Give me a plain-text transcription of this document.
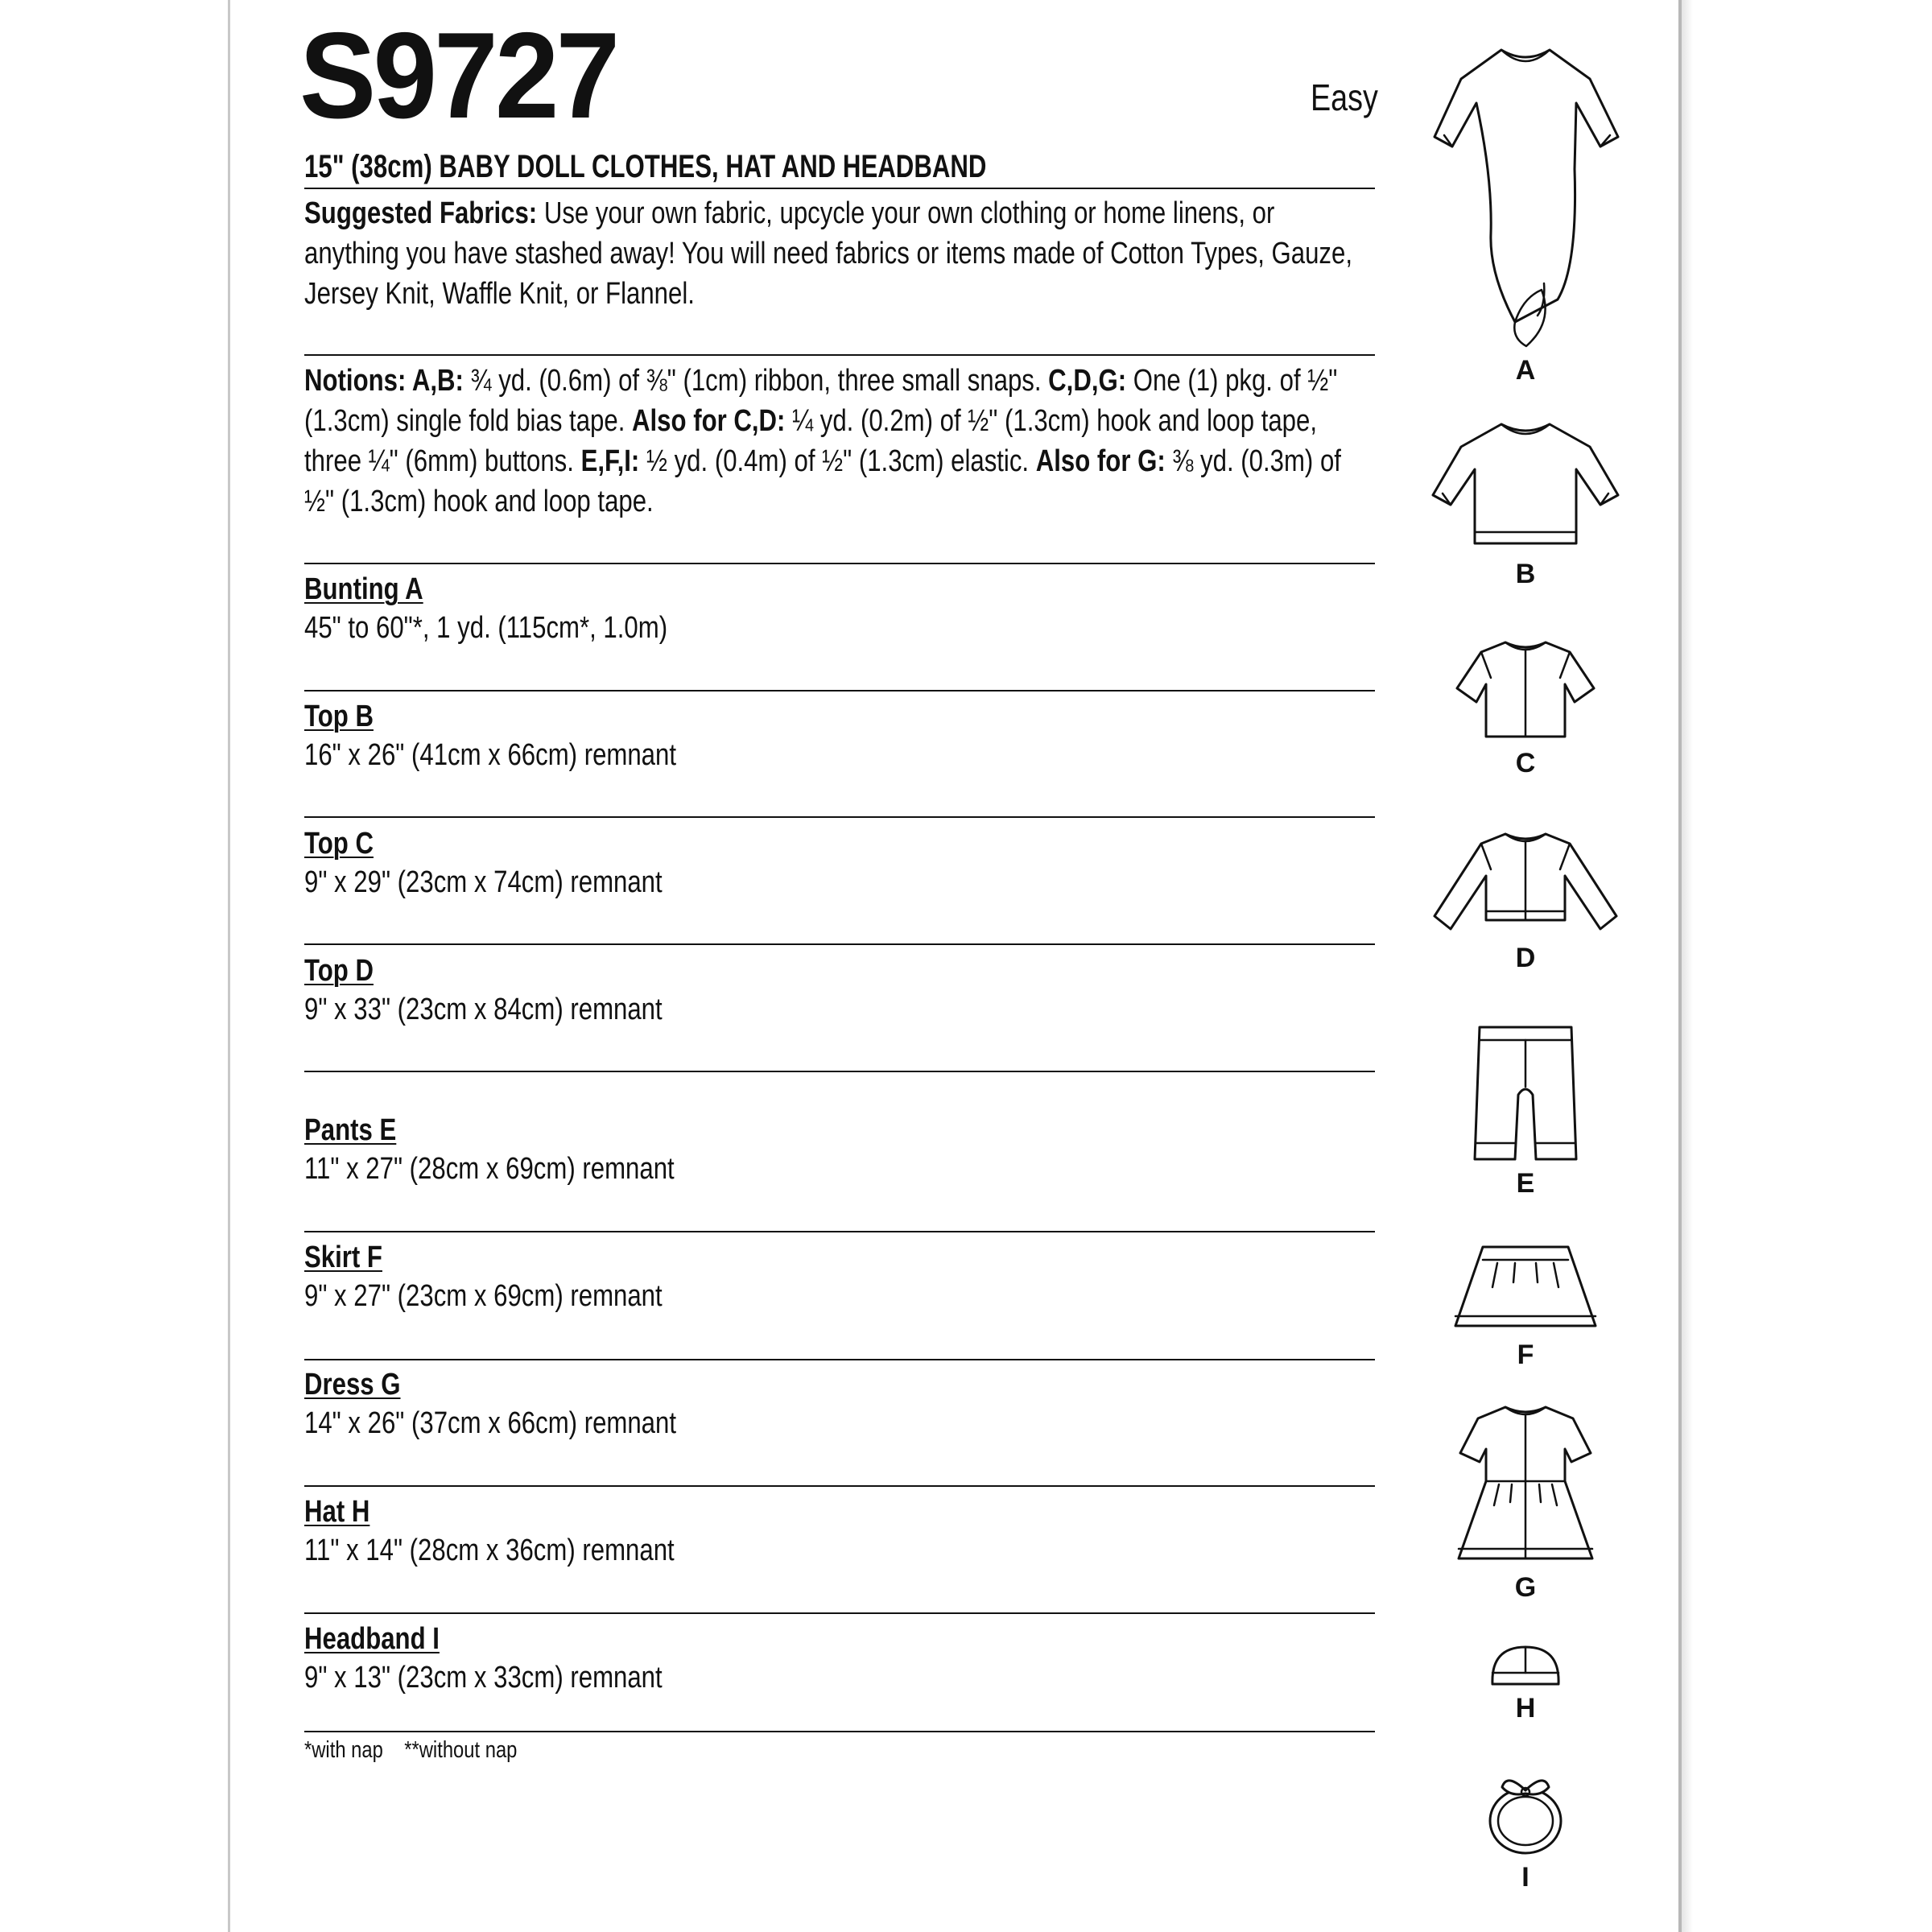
S9727	Easy
15" (38cm) BABY DOLL CLOTHES, HAT AND HEADBAND
Suggested Fabrics: Use your own fabric, upcycle your own clothing or home linens, or anything you have stashed away! You will need fabrics or items made of Cotton Types, Gauze, Jersey Knit, Waffle Knit, or Flannel.
Notions: A,B: ¾ yd. (0.6m) of ⅜" (1cm) ribbon, three small snaps. C,D,G: One (1) pkg. of ½" (1.3cm) single fold bias tape. Also for C,D: ¼ yd. (0.2m) of ½" (1.3cm) hook and loop tape, three ¼" (6mm) buttons. E,F,I: ½ yd. (0.4m) of ½" (1.3cm) elastic. Also for G: ⅜ yd. (0.3m) of ½" (1.3cm) hook and loop tape.
Bunting A
45" to 60"*, 1 yd. (115cm*, 1.0m)
Top B
16" x 26" (41cm x 66cm) remnant
Top C
9" x 29" (23cm x 74cm) remnant
Top D
9" x 33" (23cm x 84cm) remnant
Pants E
11" x 27" (28cm x 69cm) remnant
Skirt F
9" x 27" (23cm x 69cm) remnant
Dress G
14" x 26" (37cm x 66cm) remnant
Hat H
11" x 14" (28cm x 36cm) remnant
Headband I
9" x 13" (23cm x 33cm) remnant
*with nap    **without nap
A
B
C
D
E
F
G
H
I
